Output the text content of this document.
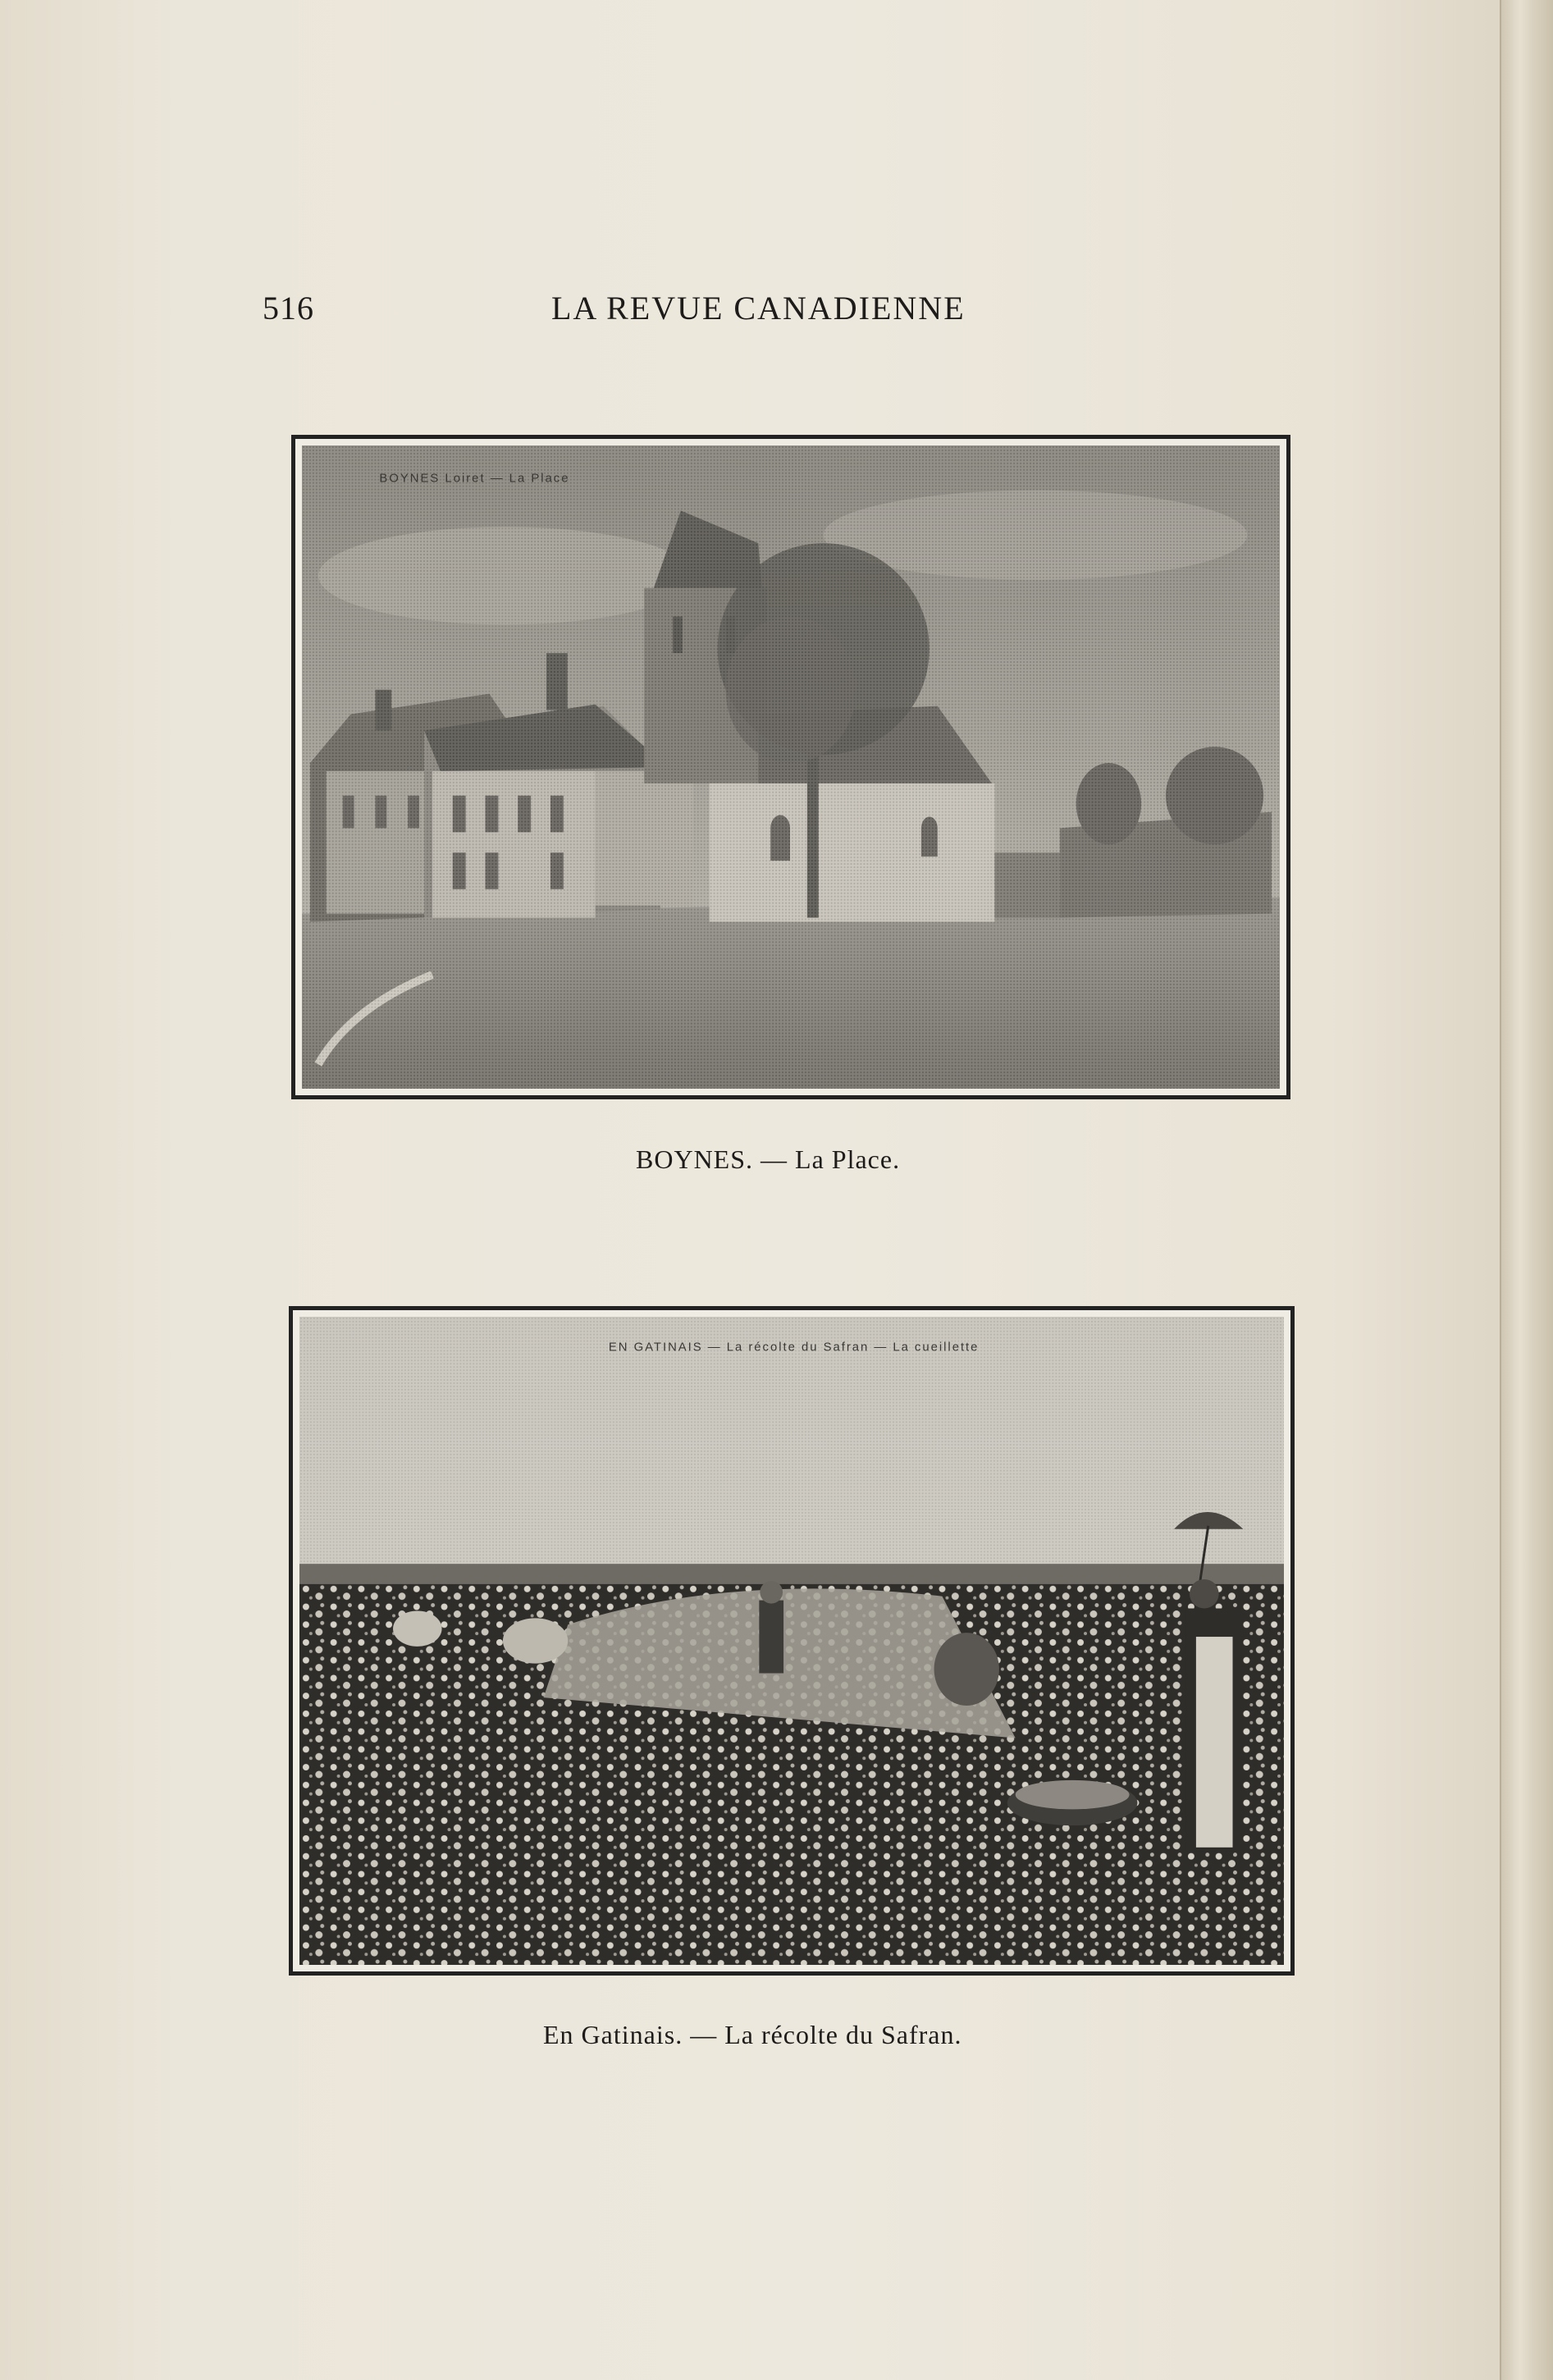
516	LA REVUE CANADIENNE
BOYNES Loiret — La Place
BOYNES. — La Place.
EN GATINAIS — La récolte du Safran — La cueillette
En Gatinais. — La récolte du Safran.
